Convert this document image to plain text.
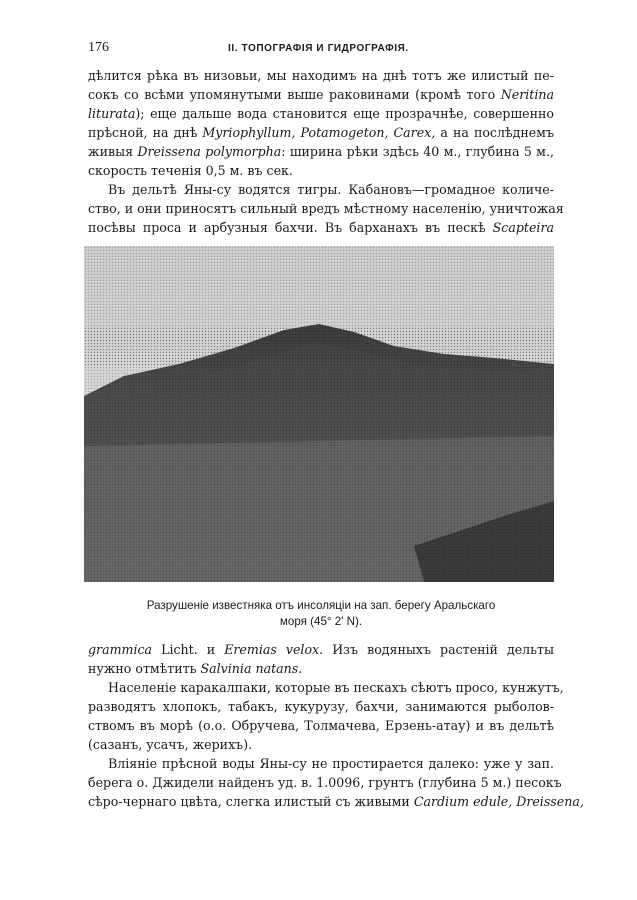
176	II. ТОПОГРАФІЯ И ГИДРОГРАФІЯ.
дѣлится рѣка въ низовьи, мы находимъ на днѣ тотъ же илистый пе-
сокъ со всѣми упомянутыми выше раковинами (кромѣ того Neritina
liturata); еще дальше вода становится еще прозрачнѣе, совершенно
прѣсной, на днѣ Myriophyllum, Potamogeton, Carex, а на послѣднемъ
живыя Dreissena polymorpha: ширина рѣки здѣсь 40 м., глубина 5 м.,
скорость теченія 0,5 м. въ сек.
Въ дельтѣ Яны-су водятся тигры. Кабановъ—громадное количе-
ство, и они приносятъ сильный вредъ мѣстному населенію, уничтожая
посѣвы проса и арбузныя бахчи. Въ барханахъ въ пескѣ Scapteira
Разрушеніе известняка отъ инсоляціи на зап. берегу Аральскаго
моря (45° 2′ N).
grammica Licht. и Eremias velox. Изъ водяныхъ растеній дельты
нужно отмѣтить Salvinia natans.
Населеніе каракалпаки, которые въ пескахъ сѣютъ просо, кунжутъ,
разводятъ хлопокъ, табакъ, кукурузу, бахчи, занимаются рыболов-
ствомъ въ морѣ (о.о. Обручева, Толмачева, Ерзень-атау) и въ дельтѣ
(сазанъ, усачъ, жерихъ).
Вліяніе прѣсной воды Яны-су не простирается далеко: уже у зап.
берега о. Джидели найденъ уд. в. 1.0096, грунтъ (глубина 5 м.) песокъ
сѣро-чернаго цвѣта, слегка илистый съ живыми Cardium edule, Dreissena,
